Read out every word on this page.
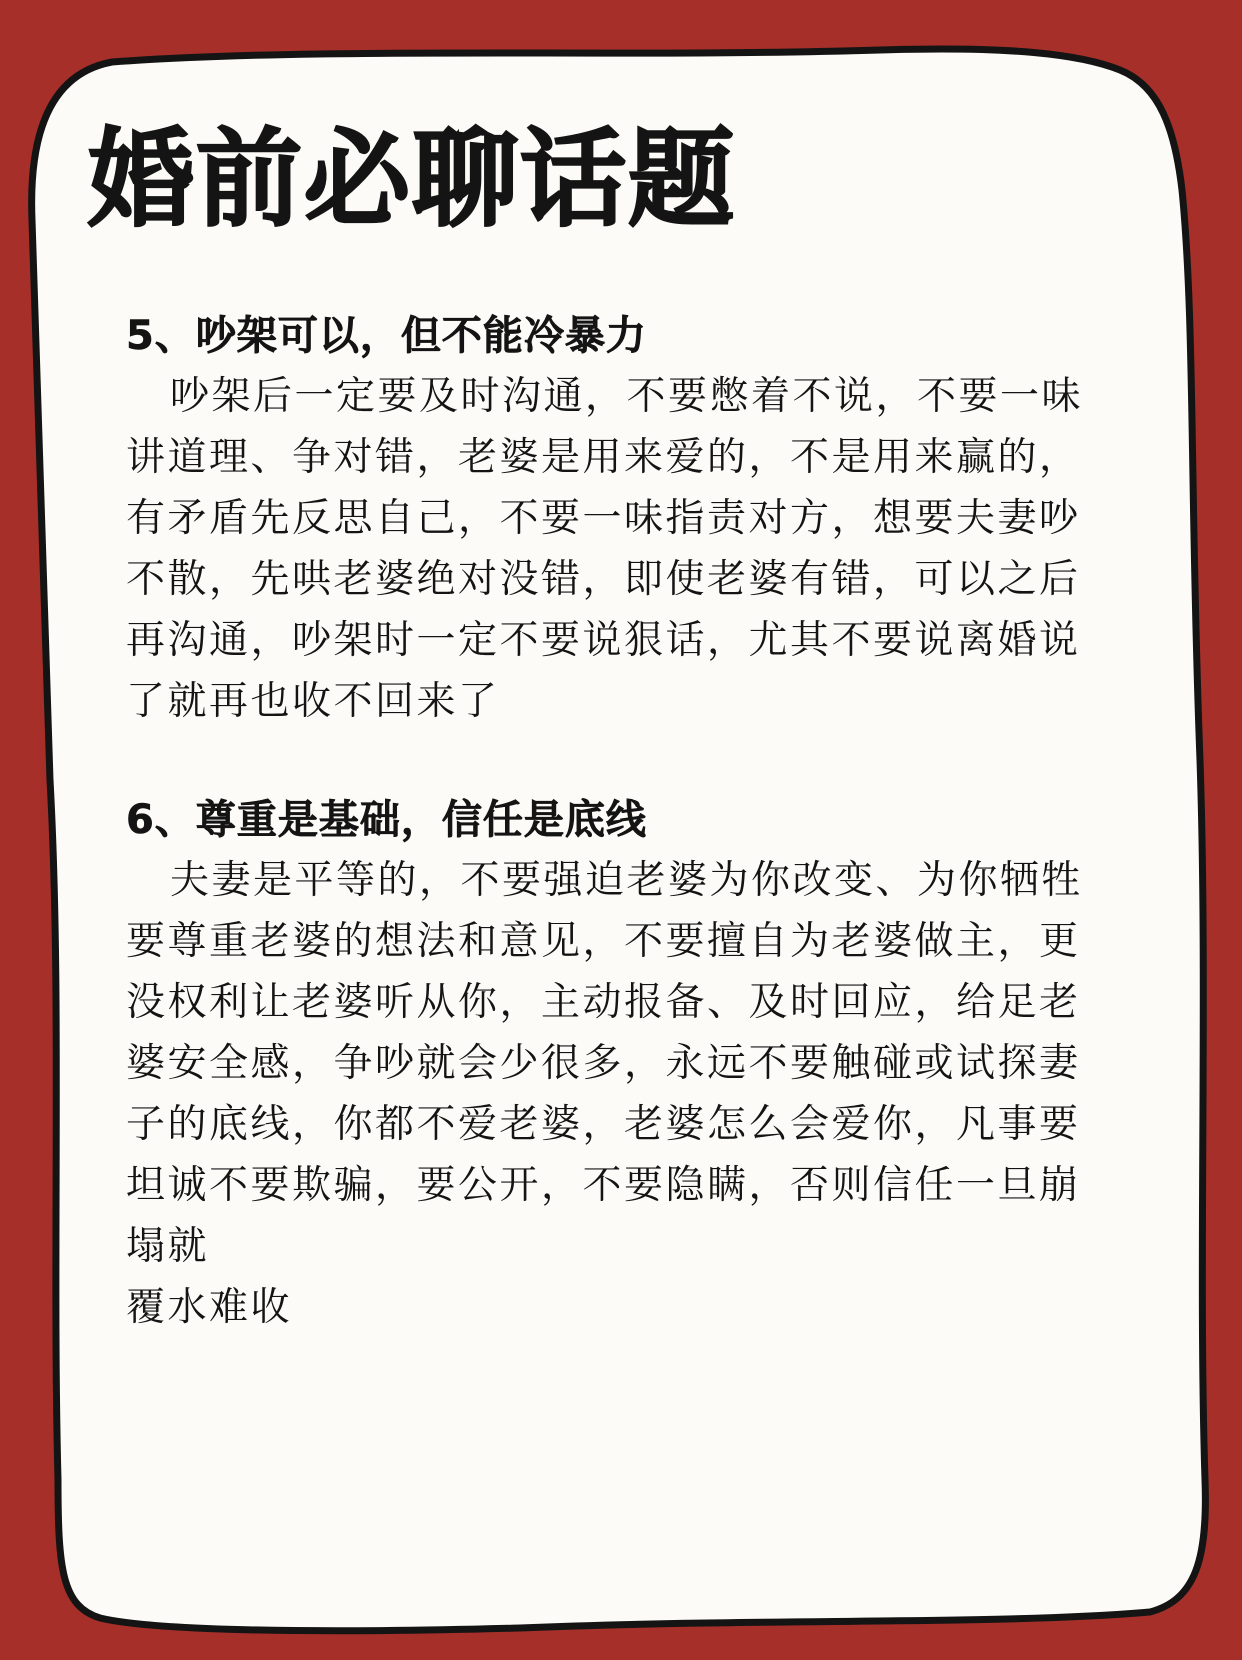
婚前必聊话题
5、吵架可以，但不能冷暴力
吵架后一定要及时沟通，不要憋着不说，不要一味讲道理、争对错，老婆是用来爱的，不是用来赢的，有矛盾先反思自己，不要一味指责对方，想要夫妻吵不散，先哄老婆绝对没错，即使老婆有错，可以之后再沟通，吵架时一定不要说狠话，尤其不要说离婚说了就再也收不回来了
6、尊重是基础，信任是底线
夫妻是平等的，不要强迫老婆为你改变、为你牺牲要尊重老婆的想法和意见，不要擅自为老婆做主，更没权利让老婆听从你，主动报备、及时回应，给足老婆安全感，争吵就会少很多，永远不要触碰或试探妻子的底线，你都不爱老婆，老婆怎么会爱你，凡事要坦诚不要欺骗，要公开，不要隐瞒，否则信任一旦崩塌就
覆水难收
